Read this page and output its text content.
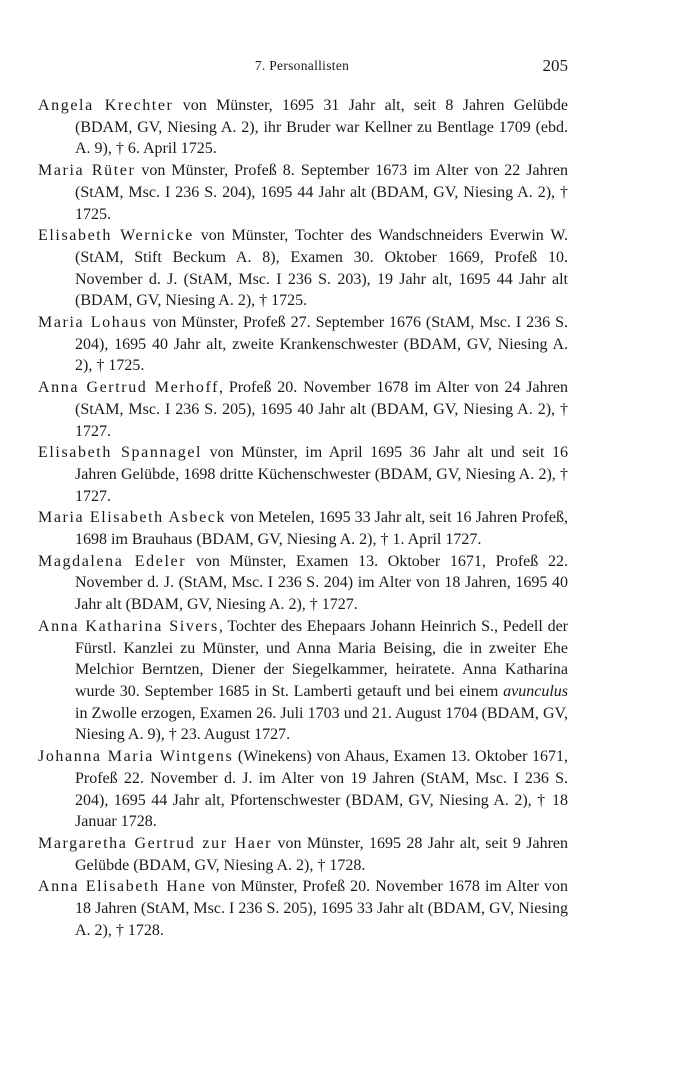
7. Personallisten	205

Angela Krechter von Münster, 1695 31 Jahr alt, seit 8 Jahren Gelübde (BDAM, GV, Niesing A. 2), ihr Bruder war Kellner zu Bentlage 1709 (ebd. A. 9), † 6. April 1725.

Maria Rüter von Münster, Profeß 8. September 1673 im Alter von 22 Jahren (StAM, Msc. I 236 S. 204), 1695 44 Jahr alt (BDAM, GV, Niesing A. 2), † 1725.

Elisabeth Wernicke von Münster, Tochter des Wandschneiders Everwin W. (StAM, Stift Beckum A. 8), Examen 30. Oktober 1669, Profeß 10. November d. J. (StAM, Msc. I 236 S. 203), 19 Jahr alt, 1695 44 Jahr alt (BDAM, GV, Niesing A. 2), † 1725.

Maria Lohaus von Münster, Profeß 27. September 1676 (StAM, Msc. I 236 S. 204), 1695 40 Jahr alt, zweite Krankenschwester (BDAM, GV, Niesing A. 2), † 1725.

Anna Gertrud Merhoff, Profeß 20. November 1678 im Alter von 24 Jahren (StAM, Msc. I 236 S. 205), 1695 40 Jahr alt (BDAM, GV, Niesing A. 2), † 1727.

Elisabeth Spannagel von Münster, im April 1695 36 Jahr alt und seit 16 Jahren Gelübde, 1698 dritte Küchenschwester (BDAM, GV, Niesing A. 2), † 1727.

Maria Elisabeth Asbeck von Metelen, 1695 33 Jahr alt, seit 16 Jahren Profeß, 1698 im Brauhaus (BDAM, GV, Niesing A. 2), † 1. April 1727.

Magdalena Edeler von Münster, Examen 13. Oktober 1671, Profeß 22. November d. J. (StAM, Msc. I 236 S. 204) im Alter von 18 Jahren, 1695 40 Jahr alt (BDAM, GV, Niesing A. 2), † 1727.

Anna Katharina Sivers, Tochter des Ehepaars Johann Heinrich S., Pedell der Fürstl. Kanzlei zu Münster, und Anna Maria Beising, die in zweiter Ehe Melchior Berntzen, Diener der Siegelkammer, heiratete. Anna Katharina wurde 30. September 1685 in St. Lamberti getauft und bei einem avunculus in Zwolle erzogen, Examen 26. Juli 1703 und 21. August 1704 (BDAM, GV, Niesing A. 9), † 23. August 1727.

Johanna Maria Wintgens (Winekens) von Ahaus, Examen 13. Oktober 1671, Profeß 22. November d. J. im Alter von 19 Jahren (StAM, Msc. I 236 S. 204), 1695 44 Jahr alt, Pfortenschwester (BDAM, GV, Niesing A. 2), † 18 Januar 1728.

Margaretha Gertrud zur Haer von Münster, 1695 28 Jahr alt, seit 9 Jahren Gelübde (BDAM, GV, Niesing A. 2), † 1728.

Anna Elisabeth Hane von Münster, Profeß 20. November 1678 im Alter von 18 Jahren (StAM, Msc. I 236 S. 205), 1695 33 Jahr alt (BDAM, GV, Niesing A. 2), † 1728.
